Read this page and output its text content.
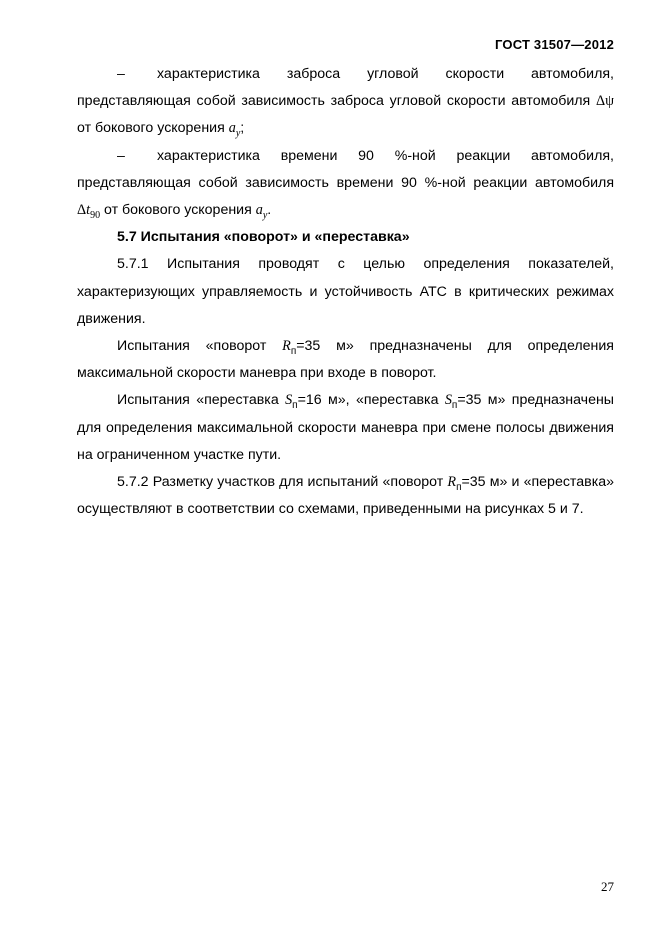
ГОСТ 31507—2012

– характеристика заброса угловой скорости автомобиля, представляющая собой зависимость заброса угловой скорости автомобиля Δψ от бокового ускорения $a_y$;

– характеристика времени 90 %-ной реакции автомобиля, представляющая собой зависимость времени 90 %-ной реакции автомобиля $\Delta t_{90}$ от бокового ускорения $a_y$.

5.7 Испытания «поворот» и «переставка»

5.7.1 Испытания проводят с целью определения показателей, характеризующих управляемость и устойчивость АТС в критических режимах движения.

Испытания «поворот $R_п=35$ м» предназначены для определения максимальной скорости маневра при входе в поворот.

Испытания «переставка $S_п=16$ м», «переставка $S_п=35$ м» предназначены для определения максимальной скорости маневра при смене полосы движения на ограниченном участке пути.

5.7.2 Разметку участков для испытаний «поворот $R_п=35$ м» и «переставка» осуществляют в соответствии со схемами, приведенными на рисунках 5 и 7.

27
